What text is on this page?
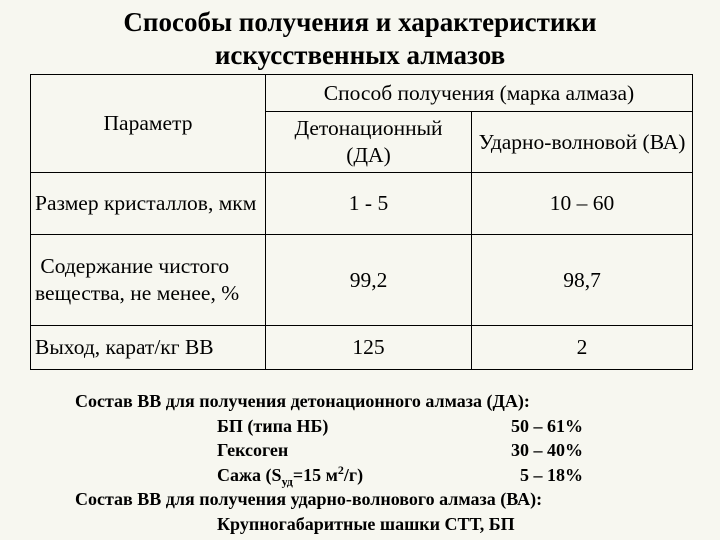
Способы получения и характеристики
искусственных алмазов
Параметр	Способ получения (марка алмаза)	
	Детонационный (ДА)	Ударно-волновой (ВА)
Размер кристаллов, мкм	1 - 5	10 – 60
Содержание чистого вещества, не менее, %	99,2	98,7
Выход, карат/кг ВВ	125	2
Состав ВВ для получения детонационного алмаза (ДА):
БП (типа НБ)	50 – 61%
Гексоген	30 – 40%
Сажа ($S_{уд}=15$ $м^2/г$)	5 – 18%
Состав ВВ для получения ударно-волнового алмаза (ВА):
Крупногабаритные шашки СТТ, БП
